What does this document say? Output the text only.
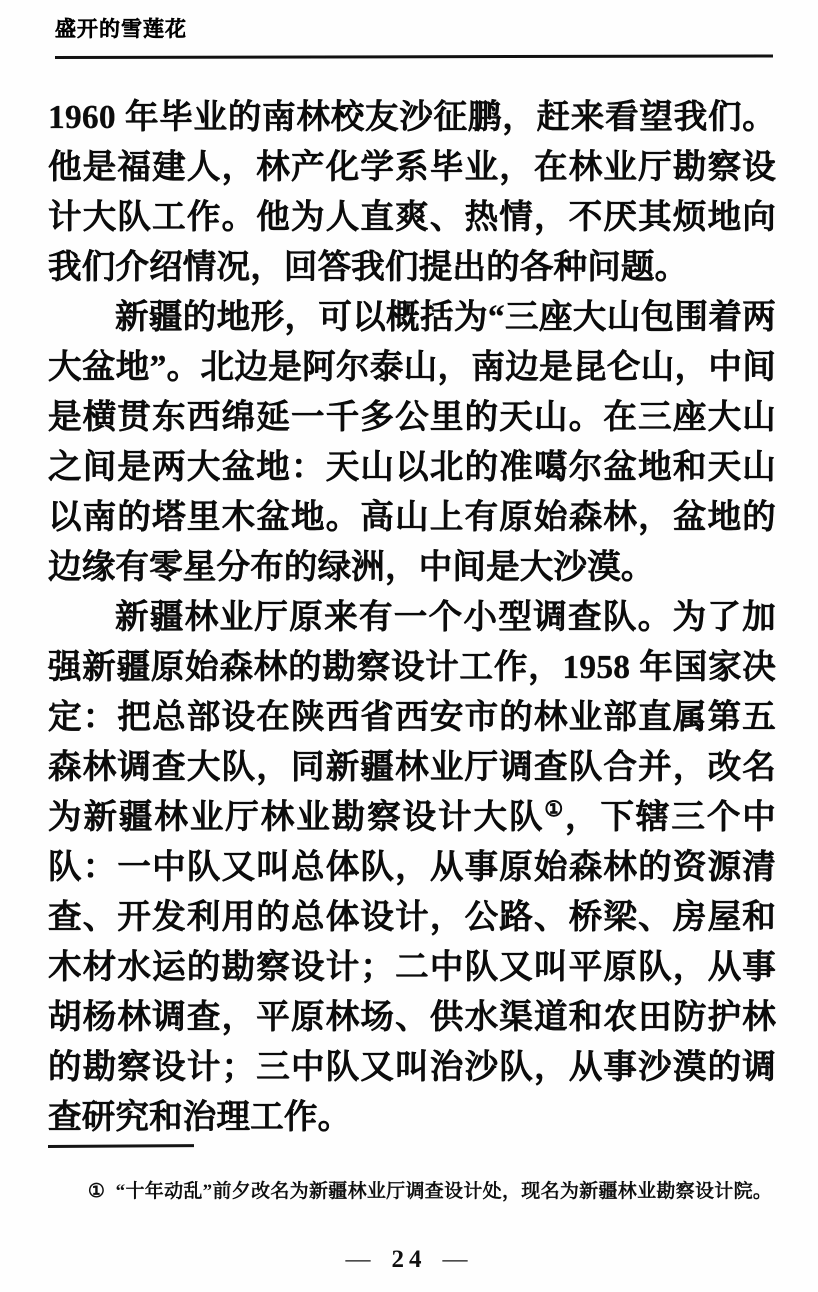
盛开的雪莲花

1960 年毕业的南林校友沙征鹏，赶来看望我们。他是福建人，林产化学系毕业，在林业厅勘察设计大队工作。他为人直爽、热情，不厌其烦地向我们介绍情况，回答我们提出的各种问题。

新疆的地形，可以概括为“三座大山包围着两大盆地”。北边是阿尔泰山，南边是昆仑山，中间是横贯东西绵延一千多公里的天山。在三座大山之间是两大盆地：天山以北的准噶尔盆地和天山以南的塔里木盆地。高山上有原始森林，盆地的边缘有零星分布的绿洲，中间是大沙漠。

新疆林业厅原来有一个小型调查队。为了加强新疆原始森林的勘察设计工作，1958 年国家决定：把总部设在陕西省西安市的林业部直属第五森林调查大队，同新疆林业厅调查队合并，改名为新疆林业厅林业勘察设计大队①，下辖三个中队：一中队又叫总体队，从事原始森林的资源清查、开发利用的总体设计，公路、桥梁、房屋和木材水运的勘察设计；二中队又叫平原队，从事胡杨林调查，平原林场、供水渠道和农田防护林的勘察设计；三中队又叫治沙队，从事沙漠的调查研究和治理工作。

① “十年动乱”前夕改名为新疆林业厅调查设计处，现名为新疆林业勘察设计院。

— 24 —
